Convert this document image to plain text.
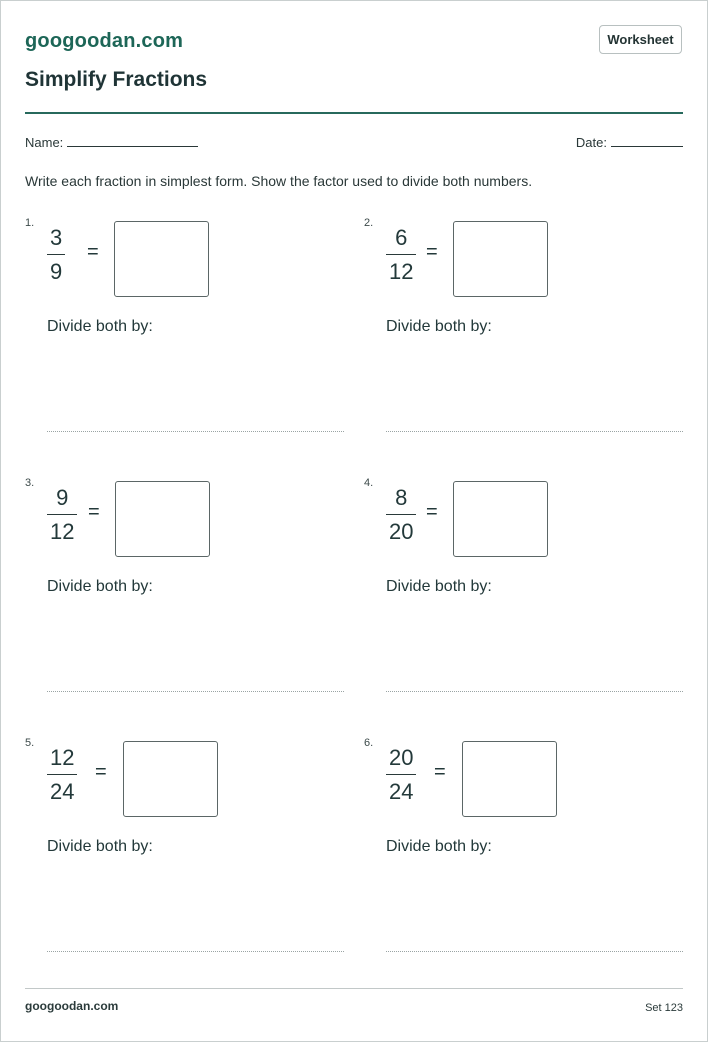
googoodan.com	Worksheet
Simplify Fractions
Name:	Date:
Write each fraction in simplest form. Show the factor used to divide both numbers.
1.
3
9
=
Divide both by:
2.
6
12
=
Divide both by:
3.
9
12
=
Divide both by:
4.
8
20
=
Divide both by:
5.
12
24
=
Divide both by:
6.
20
24
=
Divide both by:
googoodan.com	Set 123
